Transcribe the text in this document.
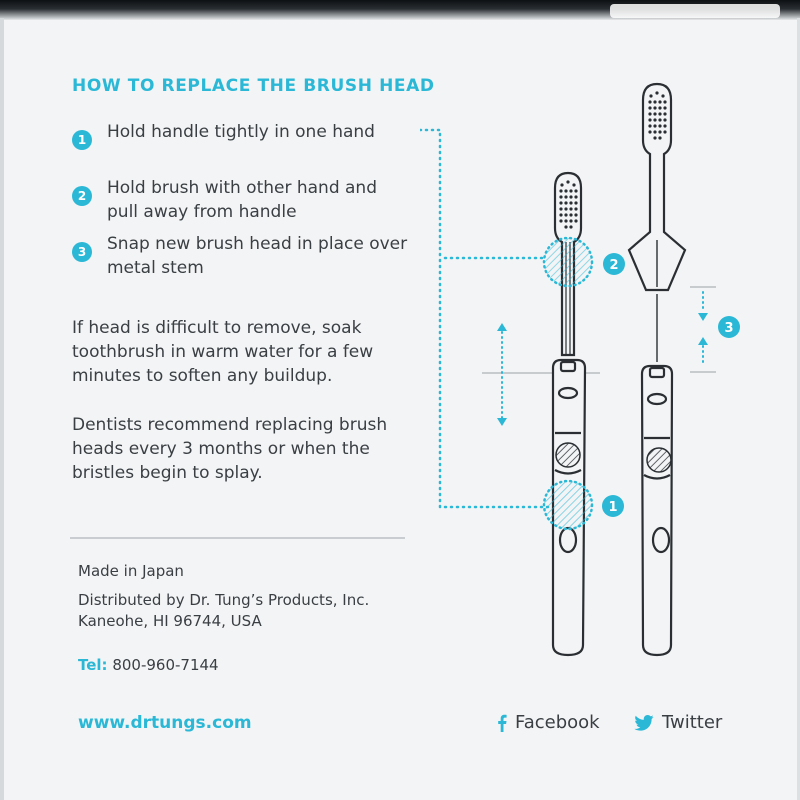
HOW TO REPLACE THE BRUSH HEAD
1	Hold handle tightly in one hand
2	Hold brush with other hand and pull away from handle
3	Snap new brush head in place over metal stem

If head is difficult to remove, soak toothbrush in warm water for a few minutes to soften any buildup.

Dentists recommend replacing brush heads every 3 months or when the bristles begin to splay.

Made in Japan

Distributed by Dr. Tung’s Products, Inc. Kaneohe, HI 96744, USA

Tel: 800-960-7144

www.drtungs.com	Facebook	Twitter
1
2
3
